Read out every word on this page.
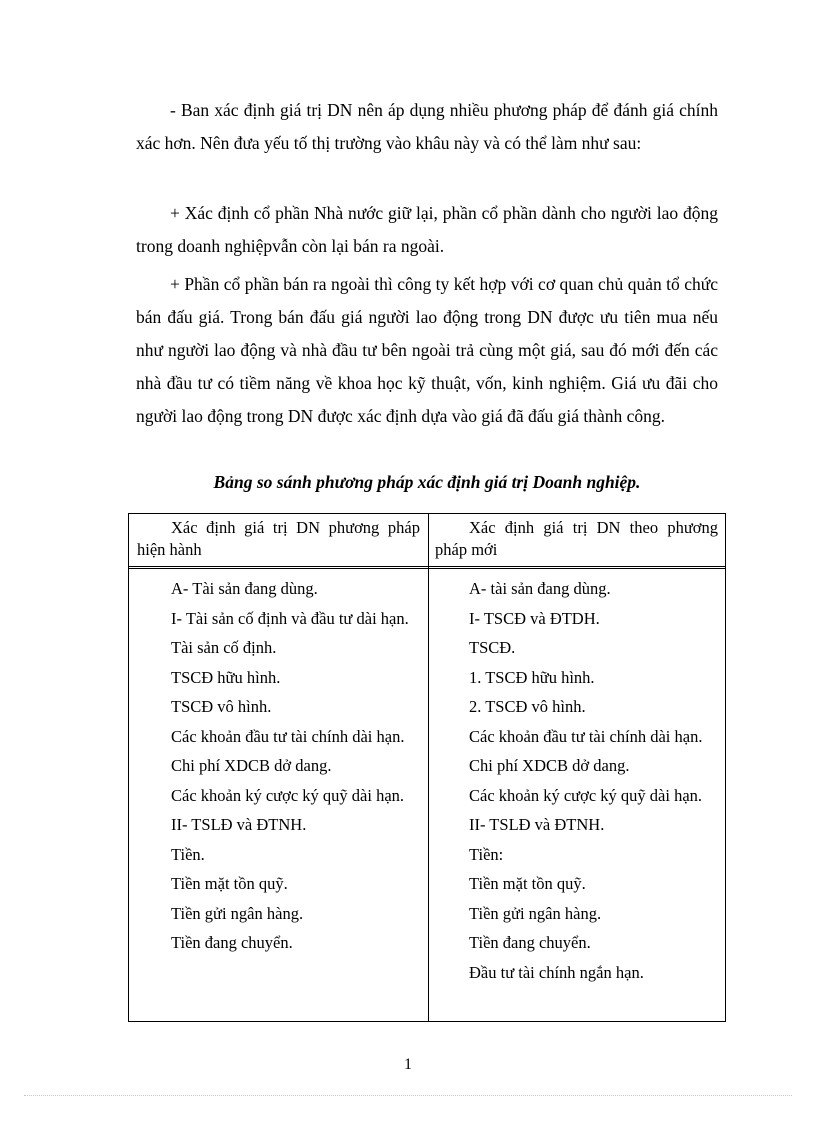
- Ban xác định giá trị DN nên áp dụng nhiều phương pháp để đánh giá chính xác hơn. Nên đưa yếu tố thị trường vào khâu này và có thể làm như sau:

+ Xác định cổ phần Nhà nước giữ lại, phần cổ phần dành cho người lao động trong doanh nghiệpvẫn còn lại bán ra ngoài.

+ Phần cổ phần bán ra ngoài thì công ty kết hợp với cơ quan chủ quản tổ chức bán đấu giá. Trong bán đấu giá người lao động trong DN được ưu tiên mua nếu như người lao động và nhà đầu tư bên ngoài trả cùng một giá, sau đó mới đến các nhà đầu tư có tiềm năng về khoa học kỹ thuật, vốn, kinh nghiệm. Giá ưu đãi cho người lao động trong DN được xác định dựa vào giá đã đấu giá thành công.

Bảng so sánh phương pháp xác định giá trị Doanh nghiệp.

Xác định giá trị DN phương pháp hiện hành

Xác định giá trị DN theo phương pháp mới

A- Tài sản đang dùng.
I- Tài sản cố định và đầu tư dài hạn.
Tài sản cố định.
TSCĐ hữu hình.
TSCĐ vô hình.
Các khoản đầu tư tài chính dài hạn.
Chi phí XDCB dở dang.
Các khoản ký cược ký quỹ dài hạn.
II- TSLĐ và ĐTNH.
Tiền.
Tiền mặt tồn quỹ.
Tiền gửi ngân hàng.
Tiền đang chuyển.
A- tài sản đang dùng.
I- TSCĐ và ĐTDH.
TSCĐ.
1. TSCĐ hữu hình.
2. TSCĐ vô hình.
Các khoản đầu tư tài chính dài hạn.
Chi phí XDCB dở dang.
Các khoản ký cược ký quỹ dài hạn.
II- TSLĐ và ĐTNH.
Tiền:
Tiền mặt tồn quỹ.
Tiền gửi ngân hàng.
Tiền đang chuyển.
Đầu tư tài chính ngắn hạn.

1
